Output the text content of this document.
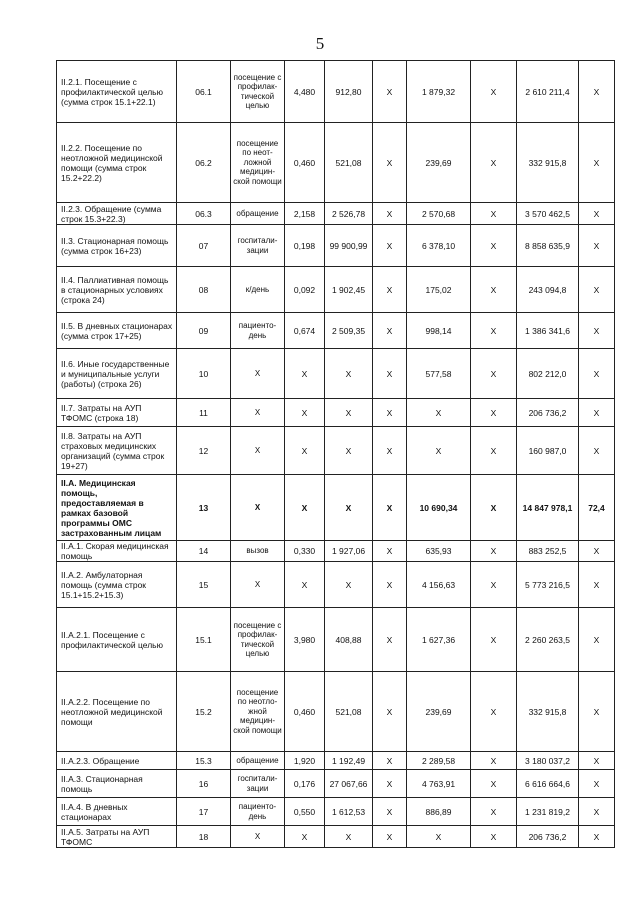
5
II.2.1. Посещение с профилактической целью (сумма строк 15.1+22.1)	06.1	посещение с профилак-тической целью	4,480	912,80	X	1 879,32	X	2 610 211,4	X
II.2.2. Посещение по неотложной медицинской помощи (сумма строк 15.2+22.2)	06.2	посещение по неот-ложной медицин-ской помощи	0,460	521,08	X	239,69	X	332 915,8	X
II.2.3. Обращение (сумма строк 15.3+22.3)	06.3	обращение	2,158	2 526,78	X	2 570,68	X	3 570 462,5	X
II.3. Стационарная помощь (сумма строк 16+23)	07	госпитали-зации	0,198	99 900,99	X	6 378,10	X	8 858 635,9	X
II.4. Паллиативная помощь в стационарных условиях (строка 24)	08	к/день	0,092	1 902,45	X	175,02	X	243 094,8	X
II.5. В дневных стационарах (сумма строк 17+25)	09	пациенто-день	0,674	2 509,35	X	998,14	X	1 386 341,6	X
II.6. Иные государственные и муниципальные услуги (работы) (строка 26)	10	X	X	X	X	577,58	X	802 212,0	X
II.7. Затраты на АУП ТФОМС (строка 18)	11	X	X	X	X	X	X	206 736,2	X
II.8. Затраты на АУП страховых медицинских организаций (сумма строк 19+27)	12	X	X	X	X	X	X	160 987,0	X
II.А. Медицинская помощь, предоставляемая в рамках базовой программы ОМС застрахованным лицам	13	X	X	X	X	10 690,34	X	14 847 978,1	72,4
II.А.1. Скорая медицинская помощь	14	вызов	0,330	1 927,06	X	635,93	X	883 252,5	X
II.А.2. Амбулаторная помощь (сумма строк 15.1+15.2+15.3)	15	X	X	X	X	4 156,63	X	5 773 216,5	X
II.А.2.1. Посещение с профилактической целью	15.1	посещение с профилак-тической целью	3,980	408,88	X	1 627,36	X	2 260 263,5	X
II.А.2.2. Посещение по неотложной медицинской помощи	15.2	посещение по неотло-жной медицин-ской помощи	0,460	521,08	X	239,69	X	332 915,8	X
II.А.2.3. Обращение	15.3	обращение	1,920	1 192,49	X	2 289,58	X	3 180 037,2	X
II.А.3. Стационарная помощь	16	госпитали-зации	0,176	27 067,66	X	4 763,91	X	6 616 664,6	X
II.А.4. В дневных стационарах	17	пациенто-день	0,550	1 612,53	X	886,89	X	1 231 819,2	X
II.А.5. Затраты на АУП ТФОМС	18	X	X	X	X	X	X	206 736,2	X
